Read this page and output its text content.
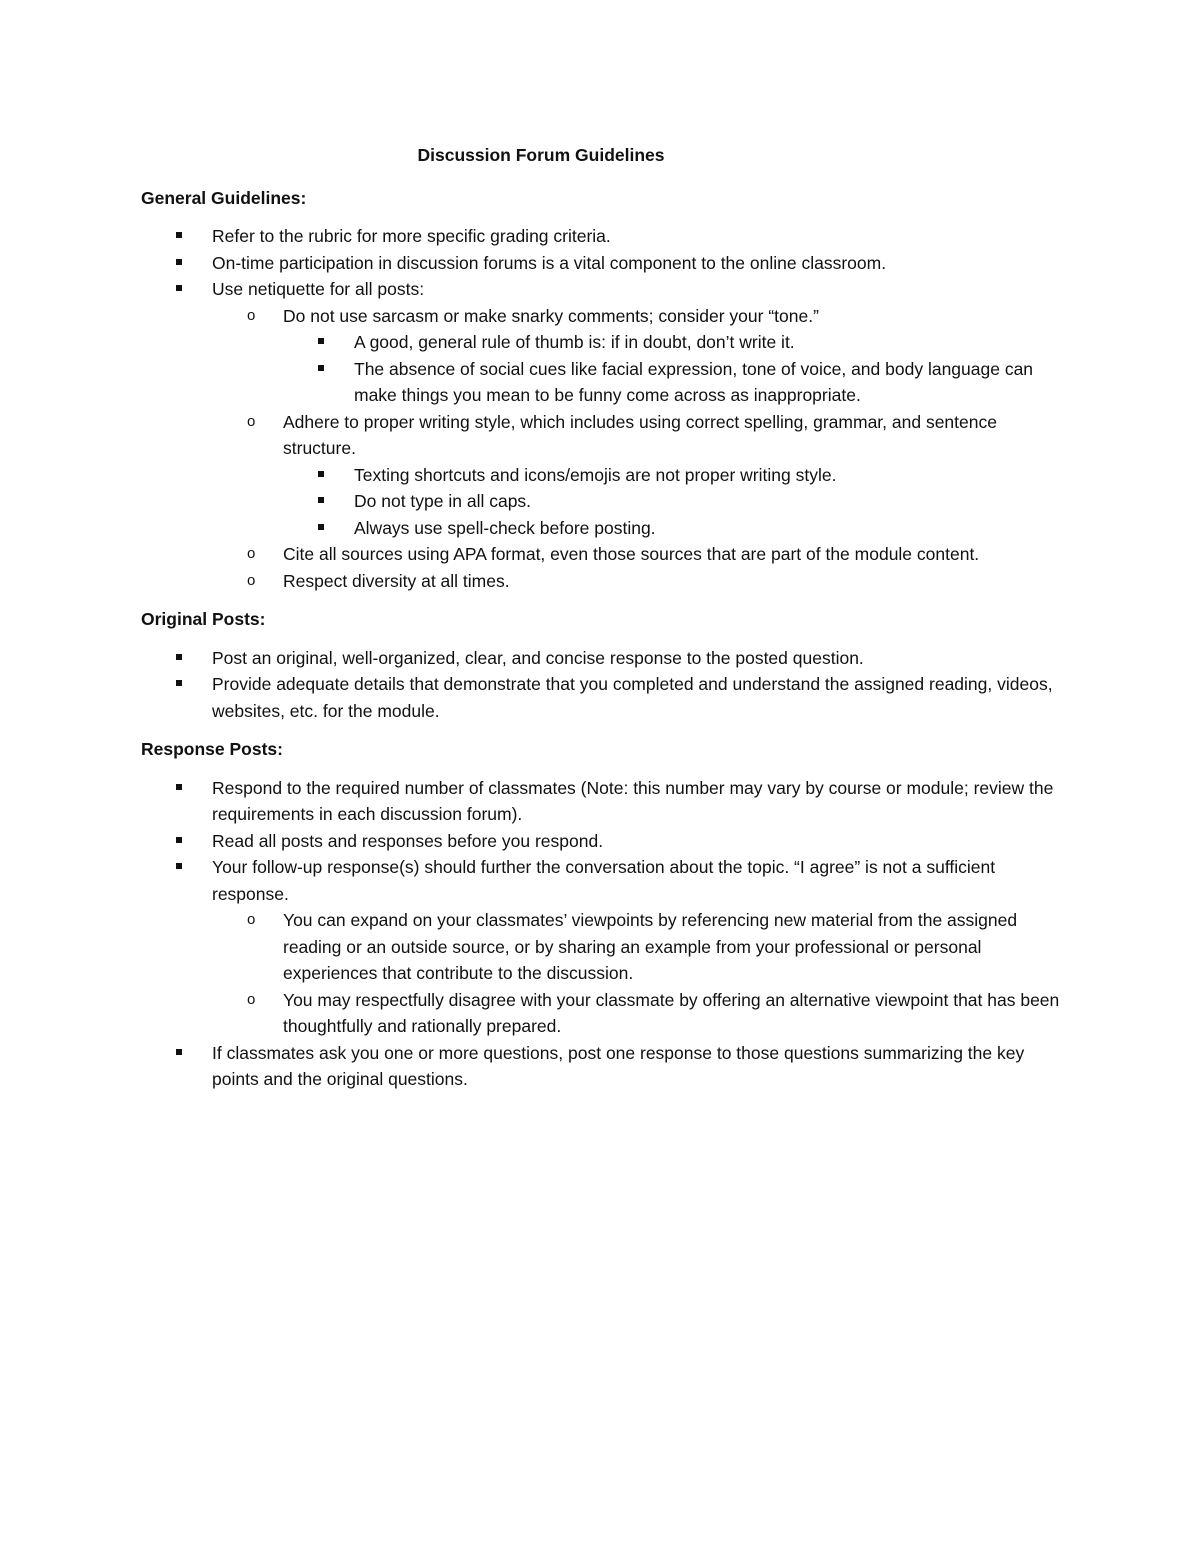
Discussion Forum Guidelines
General Guidelines:
Refer to the rubric for more specific grading criteria.
On-time participation in discussion forums is a vital component to the online classroom.
Use netiquette for all posts:
o	Do not use sarcasm or make snarky comments; consider your “tone.”
A good, general rule of thumb is: if in doubt, don’t write it.
The absence of social cues like facial expression, tone of voice, and body language can make things you mean to be funny come across as inappropriate.
o	Adhere to proper writing style, which includes using correct spelling, grammar, and sentence structure.
Texting shortcuts and icons/emojis are not proper writing style.
Do not type in all caps.
Always use spell-check before posting.
o	Cite all sources using APA format, even those sources that are part of the module content.
o	Respect diversity at all times.
Original Posts:
Post an original, well-organized, clear, and concise response to the posted question.
Provide adequate details that demonstrate that you completed and understand the assigned reading, videos, websites, etc. for the module.
Response Posts:
Respond to the required number of classmates (Note: this number may vary by course or module; review the requirements in each discussion forum).
Read all posts and responses before you respond.
Your follow-up response(s) should further the conversation about the topic. “I agree” is not a sufficient response.
o	You can expand on your classmates’ viewpoints by referencing new material from the assigned reading or an outside source, or by sharing an example from your professional or personal experiences that contribute to the discussion.
o	You may respectfully disagree with your classmate by offering an alternative viewpoint that has been thoughtfully and rationally prepared.
If classmates ask you one or more questions, post one response to those questions summarizing the key points and the original questions.
